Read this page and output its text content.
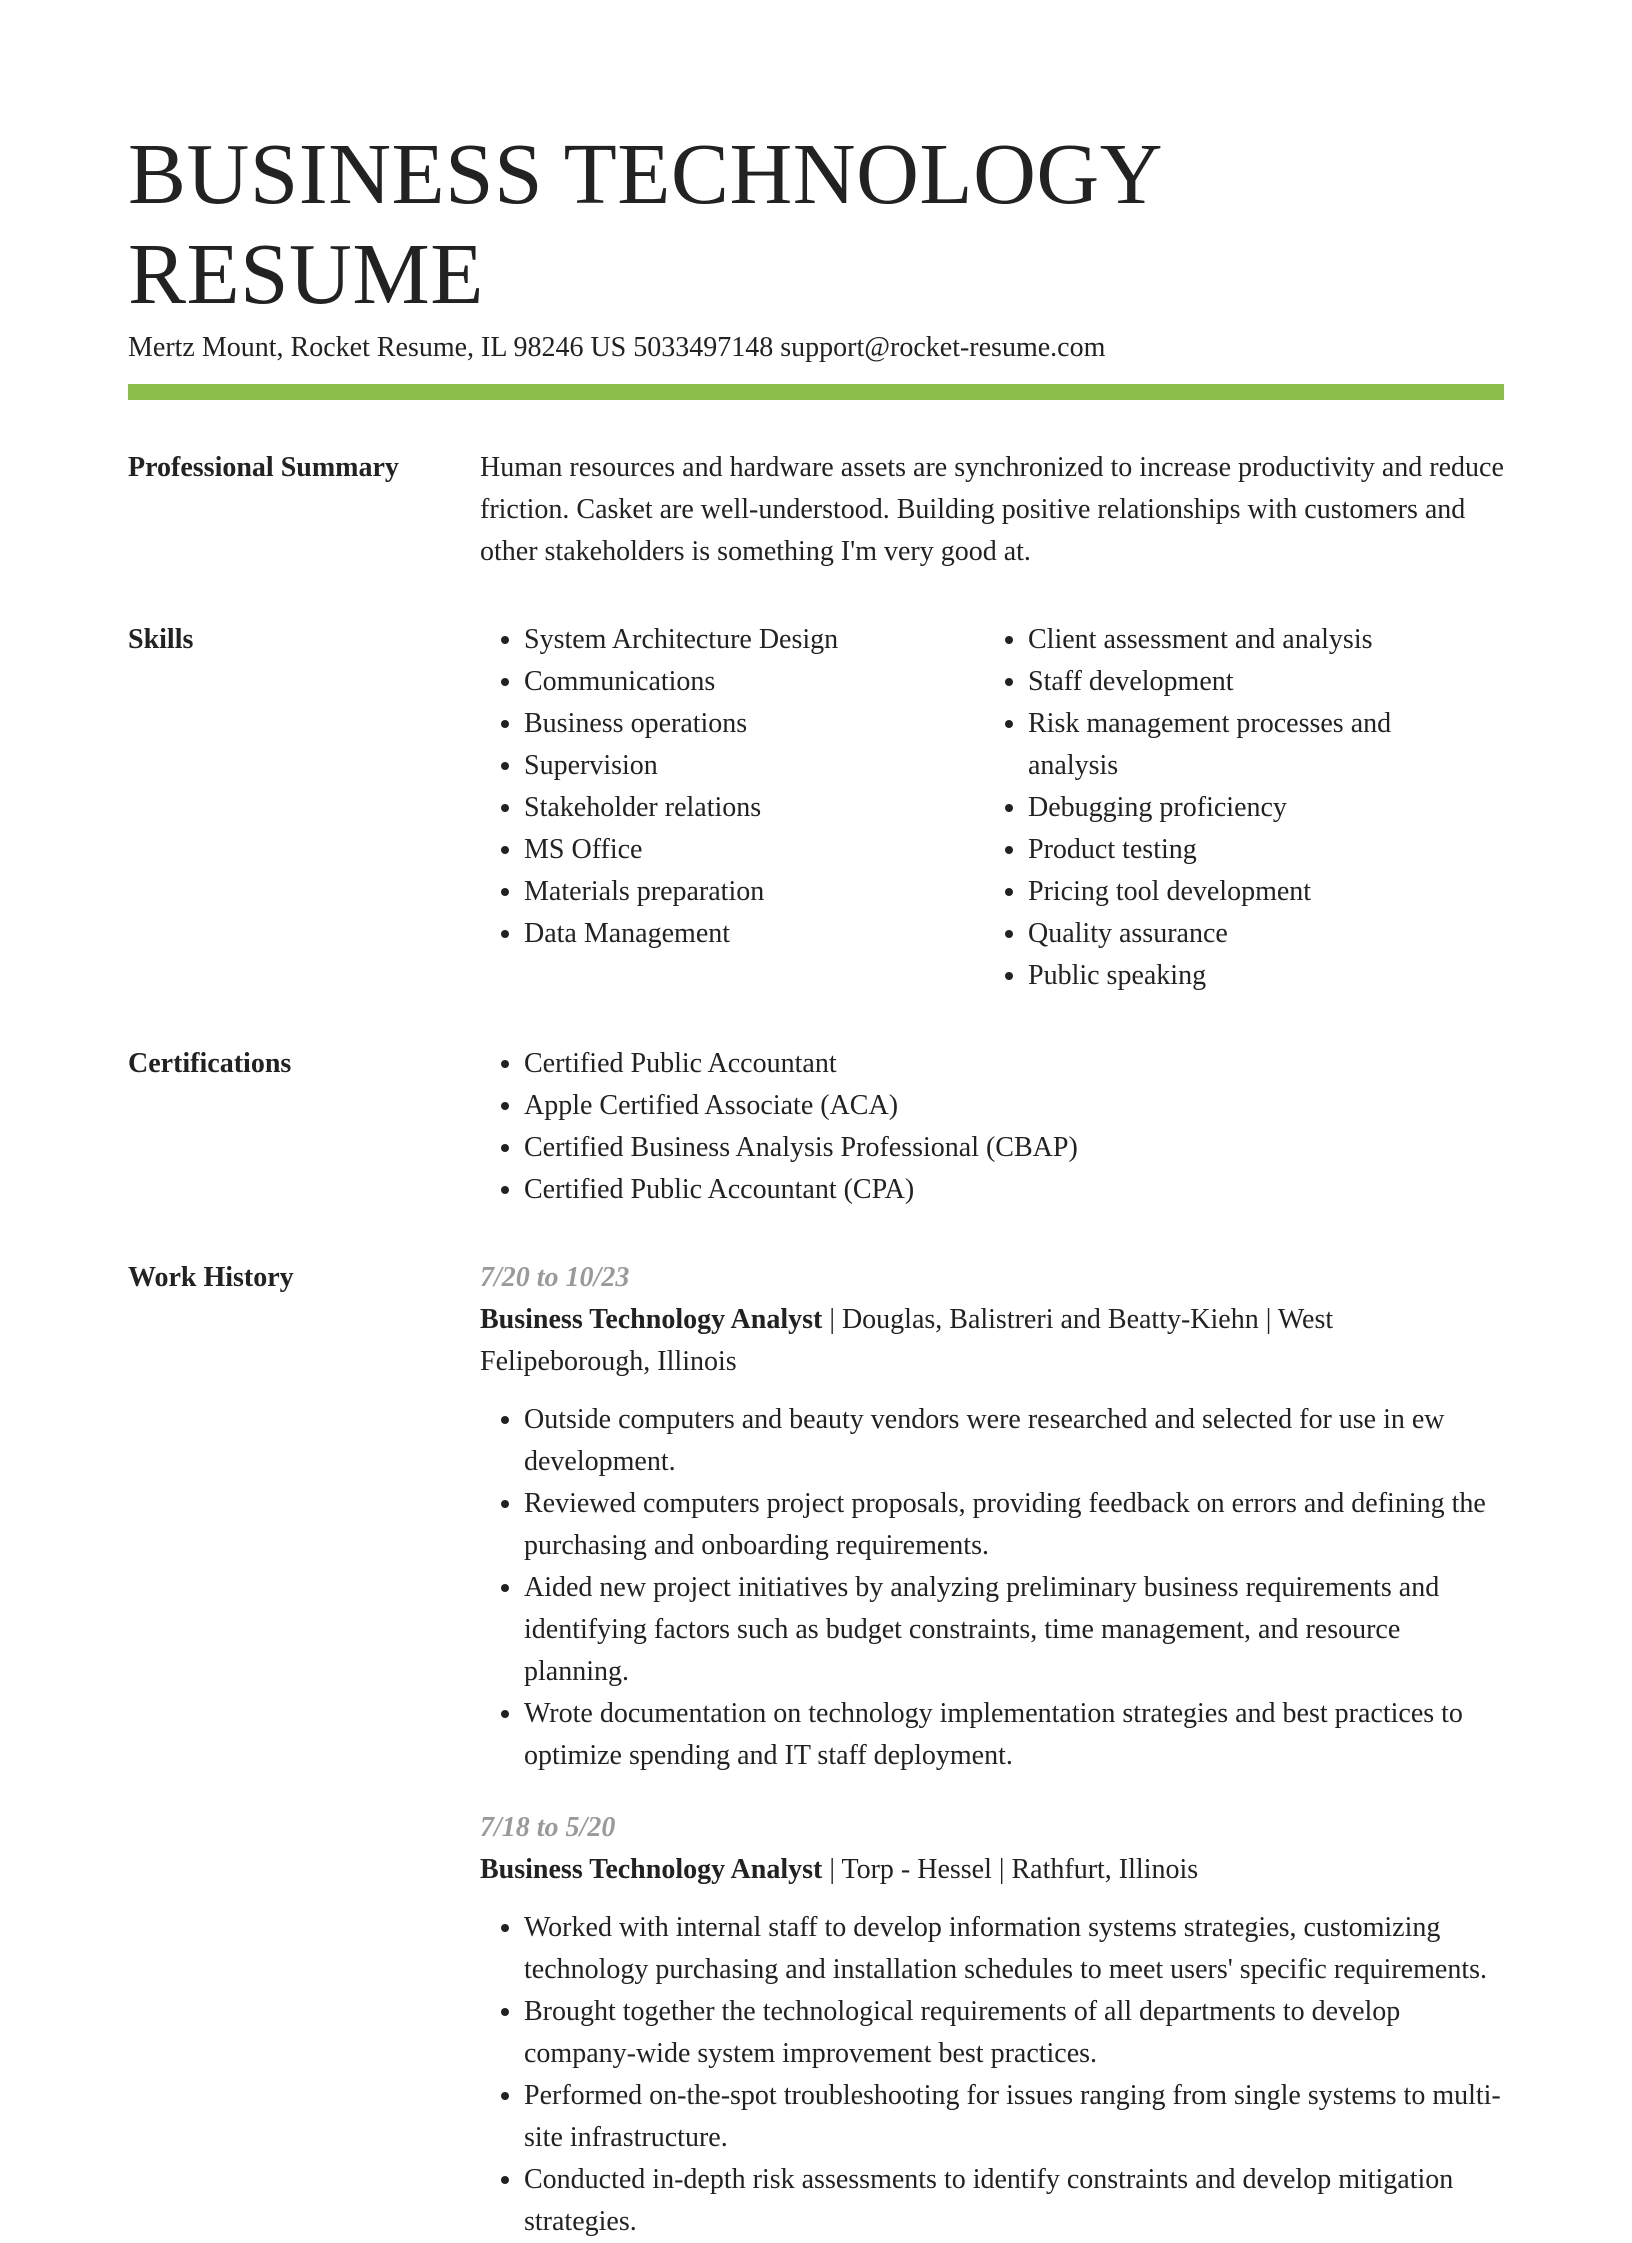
BUSINESS TECHNOLOGY RESUME
Mertz Mount, Rocket Resume, IL 98246 US 5033497148 support@rocket-resume.com
Professional Summary	Human resources and hardware assets are synchronized to increase productivity and reduce friction. Casket are well-understood. Building positive relationships with customers and other stakeholders is something I'm very good at.

Skills	• System Architecture Design
• Communications
• Business operations
• Supervision
• Stakeholder relations
• MS Office
• Materials preparation
• Data Management
• Client assessment and analysis
• Staff development
• Risk management processes and analysis
• Debugging proficiency
• Product testing
• Pricing tool development
• Quality assurance
• Public speaking
Certifications	• Certified Public Accountant
• Apple Certified Associate (ACA)
• Certified Business Analysis Professional (CBAP)
• Certified Public Accountant (CPA)
Work History	7/20 to 10/23
Business Technology Analyst | Douglas, Balistreri and Beatty-Kiehn | West Felipeborough, Illinois
• Outside computers and beauty vendors were researched and selected for use in ew development.
• Reviewed computers project proposals, providing feedback on errors and defining the purchasing and onboarding requirements.
• Aided new project initiatives by analyzing preliminary business requirements and identifying factors such as budget constraints, time management, and resource planning.
• Wrote documentation on technology implementation strategies and best practices to optimize spending and IT staff deployment.
7/18 to 5/20
Business Technology Analyst | Torp - Hessel | Rathfurt, Illinois
• Worked with internal staff to develop information systems strategies, customizing technology purchasing and installation schedules to meet users' specific requirements.
• Brought together the technological requirements of all departments to develop company-wide system improvement best practices.
• Performed on-the-spot troubleshooting for issues ranging from single systems to multi-site infrastructure.
• Conducted in-depth risk assessments to identify constraints and develop mitigation strategies.
